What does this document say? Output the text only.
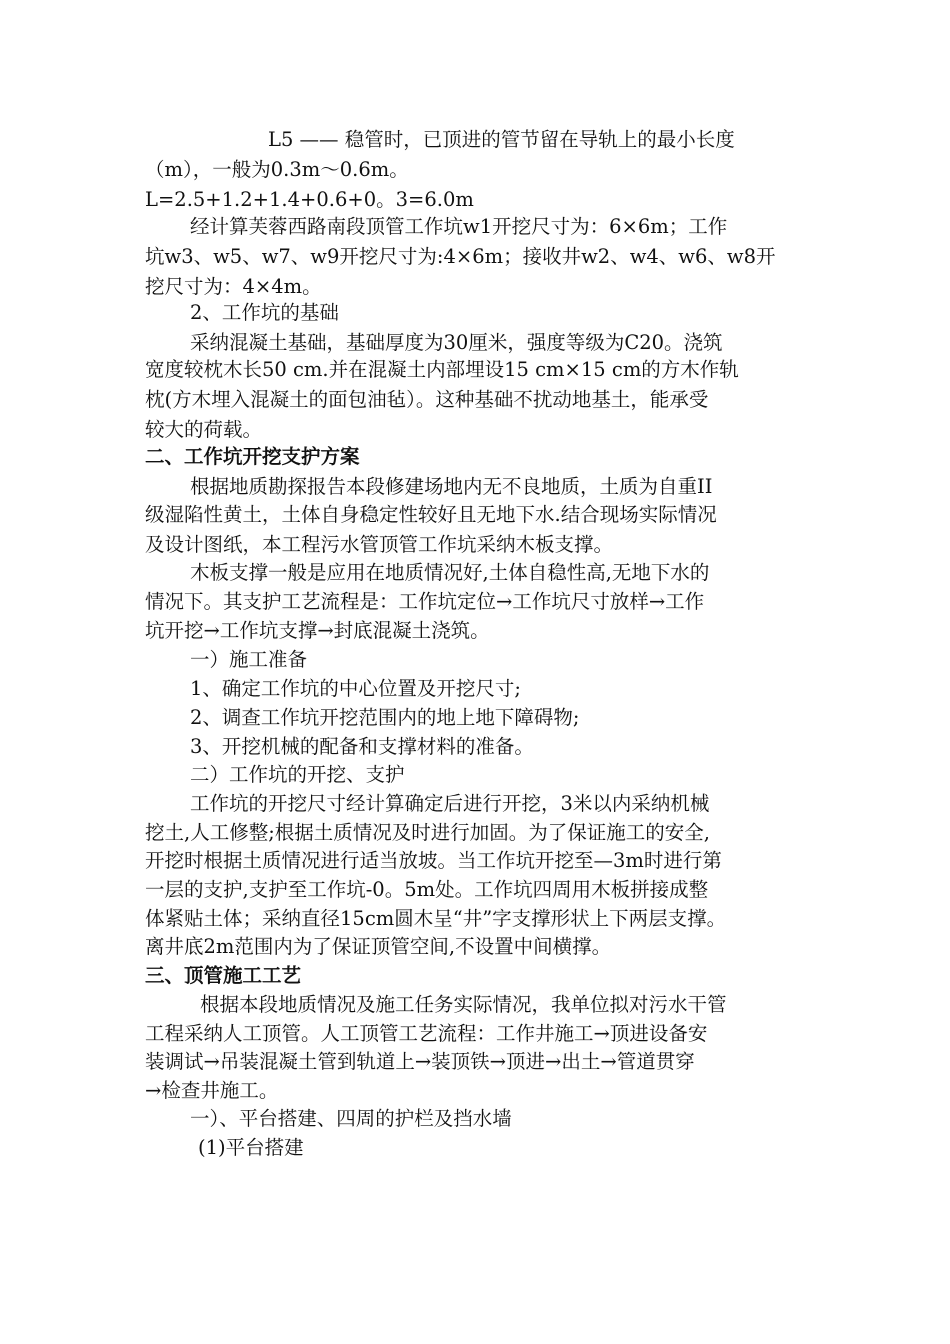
L5 —— 稳管时，已顶进的管节留在导轨上的最小长度
（m），一般为0.3m～0.6m。
L=2.5+1.2+1.4+0.6+0。3=6.0m
经计算芙蓉西路南段顶管工作坑w1开挖尺寸为：6×6m；工作
坑w3、w5、w7、w9开挖尺寸为:4×6m；接收井w2、w4、w6、w8开
挖尺寸为：4×4m。
2、工作坑的基础
采纳混凝土基础，基础厚度为30厘米，强度等级为C20。浇筑
宽度较枕木长50 cm.并在混凝土内部埋设15 cm×15 cm的方木作轨
枕(方木埋入混凝土的面包油毡）。这种基础不扰动地基土，能承受
较大的荷载。
二、工作坑开挖支护方案
根据地质勘探报告本段修建场地内无不良地质，土质为自重II
级湿陷性黄土，土体自身稳定性较好且无地下水.结合现场实际情况
及设计图纸，本工程污水管顶管工作坑采纳木板支撑。
木板支撑一般是应用在地质情况好,土体自稳性高,无地下水的
情况下。其支护工艺流程是：工作坑定位→工作坑尺寸放样→工作
坑开挖→工作坑支撑→封底混凝土浇筑。
一）施工准备
1、确定工作坑的中心位置及开挖尺寸;
2、调查工作坑开挖范围内的地上地下障碍物;
3、开挖机械的配备和支撑材料的准备。
二）工作坑的开挖、支护
工作坑的开挖尺寸经计算确定后进行开挖，3米以内采纳机械
挖土,人工修整;根据土质情况及时进行加固。为了保证施工的安全,
开挖时根据土质情况进行适当放坡。当工作坑开挖至—3m时进行第
一层的支护,支护至工作坑-0。5m处。工作坑四周用木板拼接成整
体紧贴土体；采纳直径15cm圆木呈“井”字支撑形状上下两层支撑。
离井底2m范围内为了保证顶管空间,不设置中间横撑。
三、顶管施工工艺
根据本段地质情况及施工任务实际情况，我单位拟对污水干管
工程采纳人工顶管。人工顶管工艺流程：工作井施工→顶进设备安
装调试→吊装混凝土管到轨道上→装顶铁→顶进→出土→管道贯穿
→检查井施工。
一）、平台搭建、四周的护栏及挡水墙
(1)平台搭建
